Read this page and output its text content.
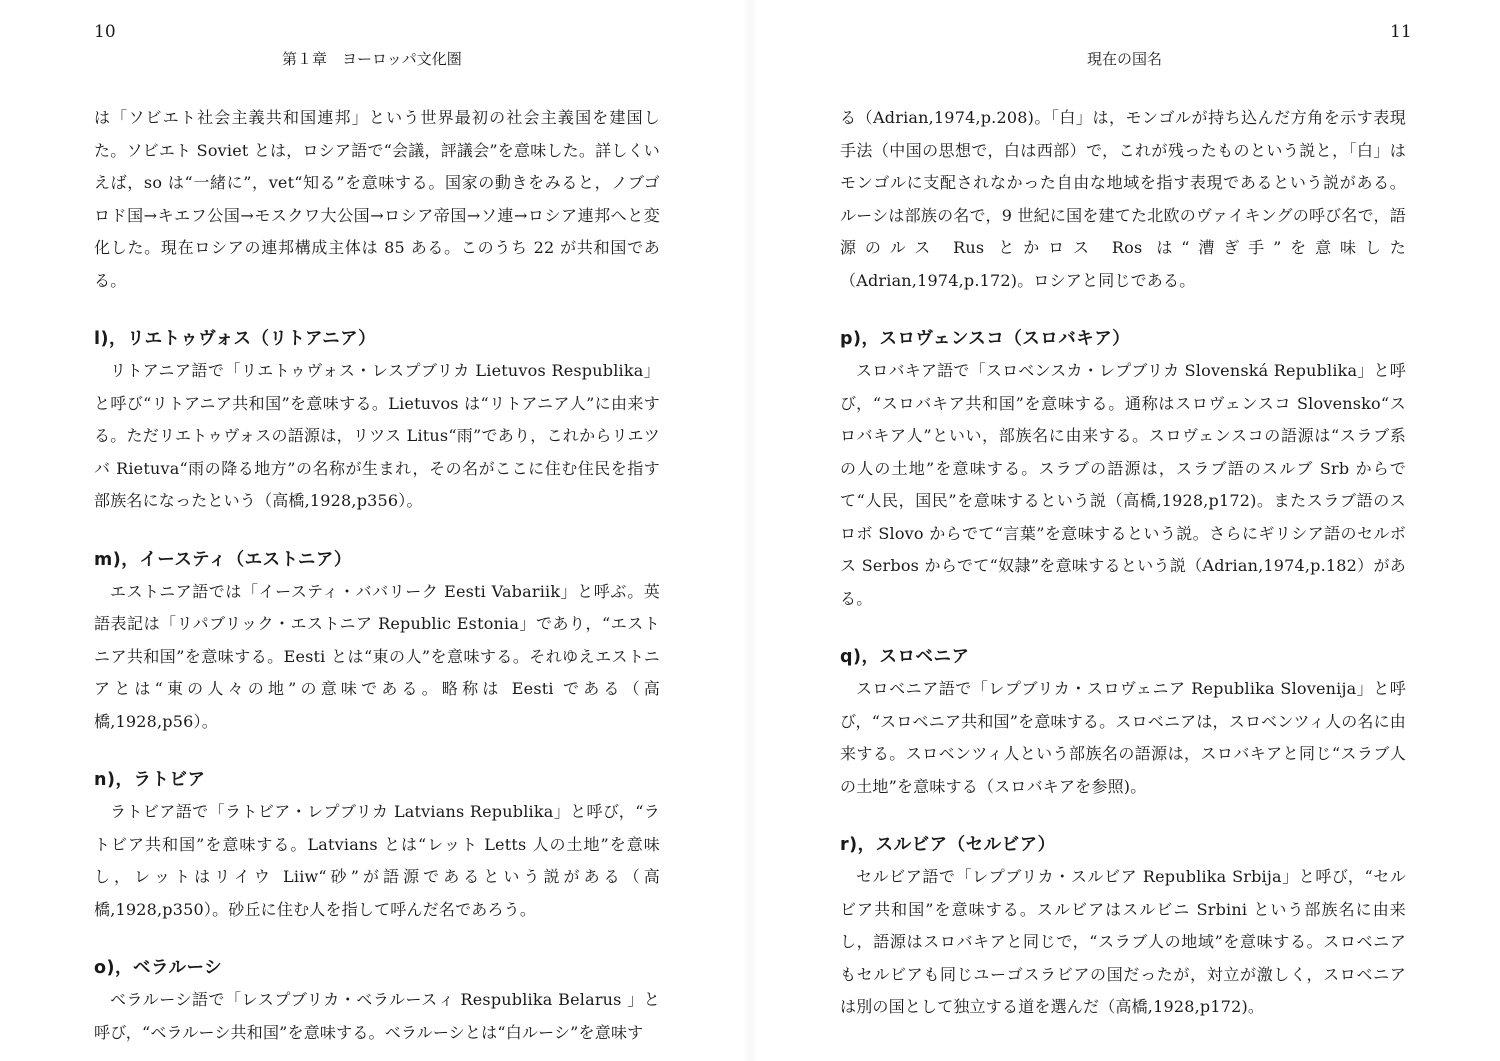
10
第１章　ヨーロッパ文化圏

は「ソビエト社会主義共和国連邦」という世界最初の社会主義国を建国した。ソビエト Soviet とは，ロシア語で“会議，評議会”を意味した。詳しくいえば，so は“一緒に”，vet“知る”を意味する。国家の動きをみると，ノブゴロド国→キエフ公国→モスクワ大公国→ロシア帝国→ソ連→ロシア連邦へと変化した。現在ロシアの連邦構成主体は 85 ある。このうち 22 が共和国である。

l)，リエトゥヴォス（リトアニア）

リトアニア語で「リエトゥヴォス・レスプブリカ Lietuvos Respublika」と呼び“リトアニア共和国”を意味する。Lietuvos は“リトアニア人”に由来する。ただリエトゥヴォスの語源は，リツス Litus“雨”であり，これからリエツバ Rietuva“雨の降る地方”の名称が生まれ，その名がここに住む住民を指す部族名になったという（高橋,1928,p356）。

m)，イースティ（エストニア）

エストニア語では「イースティ・ババリーク Eesti Vabariik」と呼ぶ。英語表記は「リパブリック・エストニア Republic Estonia」であり，“エストニア共和国”を意味する。Eesti とは“東の人”を意味する。それゆえエストニアとは“東の人々の地”の意味である。略称は Eesti である（高橋,1928,p56）。

n)，ラトビア

ラトビア語で「ラトビア・レプブリカ Latvians Republika」と呼び，“ラトビア共和国”を意味する。Latvians とは“レット Letts 人の土地”を意味し，レットはリイウ Liiw“砂”が語源であるという説がある（高橋,1928,p350）。砂丘に住む人を指して呼んだ名であろう。

o)，ベラルーシ

ベラルーシ語で「レスプブリカ・ベラルースィ Respublika Belarus 」と呼び，“ベラルーシ共和国”を意味する。ベラルーシとは“白ルーシ”を意味す

11
現在の国名

る（Adrian,1974,p.208)。「白」は，モンゴルが持ち込んだ方角を示す表現手法（中国の思想で，白は西部）で，これが残ったものという説と，「白」はモンゴルに支配されなかった自由な地域を指す表現であるという説がある。ルーシは部族の名で，9 世紀に国を建てた北欧のヴァイキングの呼び名で，語源のルス Rus とかロス Ros は“漕ぎ手”を意味した（Adrian,1974,p.172)。ロシアと同じである。

p)，スロヴェンスコ（スロバキア）

スロバキア語で「スロベンスカ・レプブリカ Slovenská Republika」と呼び，“スロバキア共和国”を意味する。通称はスロヴェンスコ Slovensko“スロバキア人”といい，部族名に由来する。スロヴェンスコの語源は“スラブ系の人の土地”を意味する。スラブの語源は，スラブ語のスルブ Srb からでて“人民，国民”を意味するという説（高橋,1928,p172)。またスラブ語のスロボ Slovo からでて“言葉”を意味するという説。さらにギリシア語のセルボス Serbos からでて“奴隷”を意味するという説（Adrian,1974,p.182）がある。

q)，スロベニア

スロベニア語で「レプブリカ・スロヴェニア Republika Slovenija」と呼び，“スロベニア共和国”を意味する。スロベニアは，スロベンツィ人の名に由来する。スロベンツィ人という部族名の語源は，スロバキアと同じ“スラブ人の土地”を意味する（スロバキアを参照)。

r)，スルビア（セルビア）

セルビア語で「レプブリカ・スルビア Republika Srbija」と呼び，“セルビア共和国”を意味する。スルビアはスルビニ Srbini という部族名に由来し，語源はスロバキアと同じで，“スラブ人の地域”を意味する。スロベニアもセルビアも同じユーゴスラビアの国だったが，対立が激しく，スロベニアは別の国として独立する道を選んだ（高橋,1928,p172)。
